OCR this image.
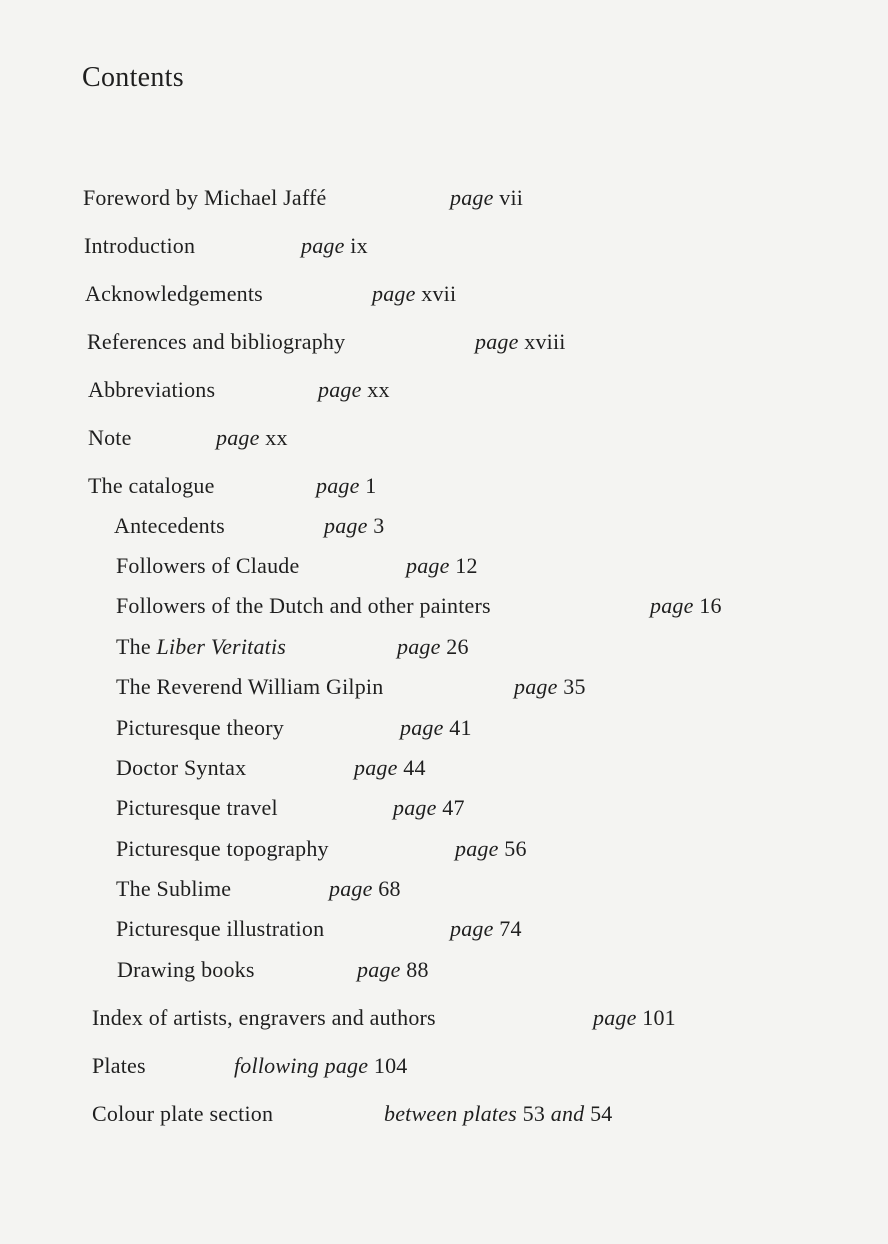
Contents
Foreword by Michael Jaffé	page vii
Introduction	page ix
Acknowledgements	page xvii
References and bibliography	page xviii
Abbreviations	page xx
Note	page xx
The catalogue	page 1
Antecedents	page 3
Followers of Claude	page 12
Followers of the Dutch and other painters	page 16
The Liber Veritatis	page 26
The Reverend William Gilpin	page 35
Picturesque theory	page 41
Doctor Syntax	page 44
Picturesque travel	page 47
Picturesque topography	page 56
The Sublime	page 68
Picturesque illustration	page 74
Drawing books	page 88
Index of artists, engravers and authors	page 101
Plates	following page 104
Colour plate section	between plates 53 and 54
